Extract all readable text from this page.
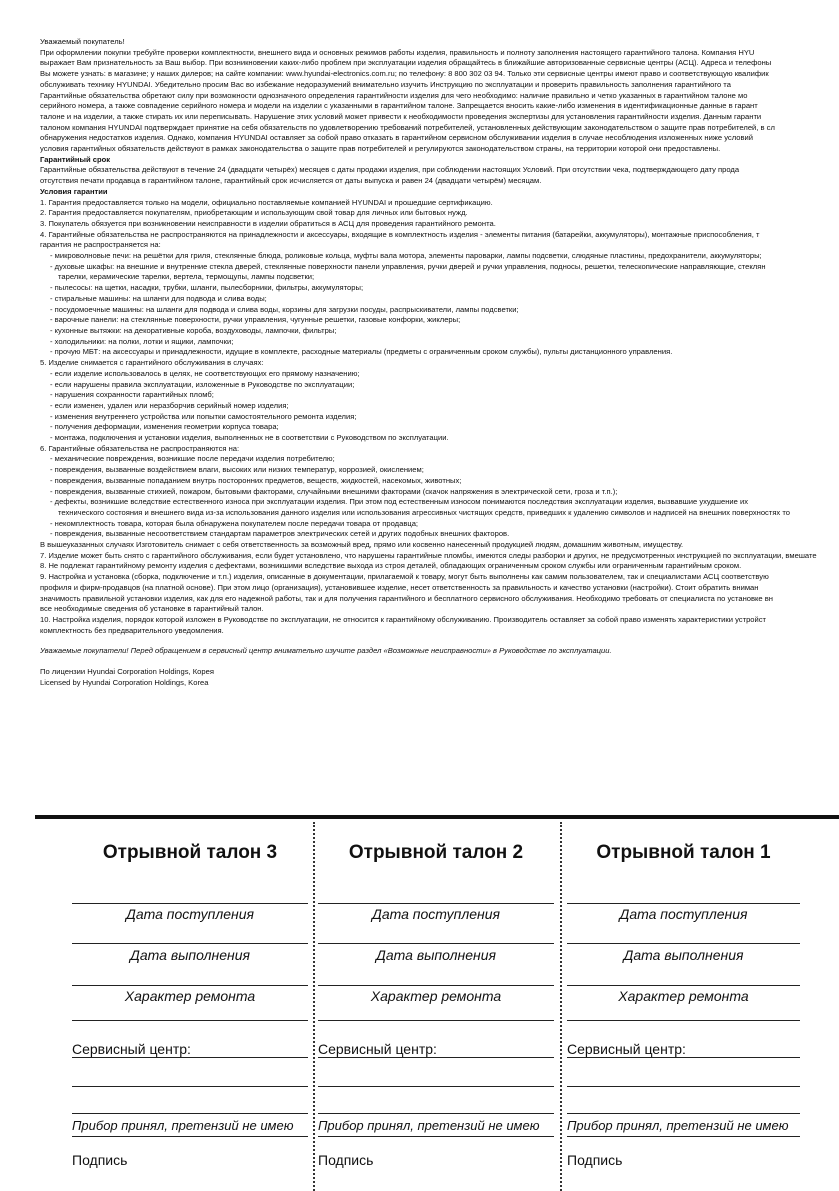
Уважаемый покупатель!

При оформлении покупки требуйте проверки комплектности, внешнего вида и основных режимов работы изделия, правильность и полноту заполнения настоящего гарантийного талона. Компания HYU

выражает Вам признательность за Ваш выбор. При возникновении каких-либо проблем при эксплуатации изделия обращайтесь в ближайшие авторизованные сервисные центры (АСЦ). Адреса и телефоны

Вы можете узнать: в магазине; у наших дилеров; на сайте компании: www.hyundai-electronics.com.ru; по телефону: 8 800 302 03 94. Только эти сервисные центры имеют право и соответствующую квалифик

обслуживать технику HYUNDAI. Убедительно просим Вас во избежание недоразумений внимательно изучить Инструкцию по эксплуатации и проверить правильность заполнения гарантийного та

Гарантийные обязательства обретают силу при возможности однозначного определения гарантийности изделия для чего необходимо: наличие правильно и четко указанных в гарантийном талоне мо

серийного номера, а также совпадение серийного номера и модели на изделии с указанными в гарантийном талоне. Запрещается вносить какие-либо изменения в идентификационные данные в гарант

талоне и на изделии, а также стирать их или переписывать. Нарушение этих условий может привести к необходимости проведения экспертизы для установления гарантийности изделия. Данным гаранти

талоном компания HYUNDAI подтверждает принятие на себя обязательств по удовлетворению требований потребителей, установленных действующим законодательством о защите прав потребителей, в сл

обнаружения недостатков изделия. Однако, компания HYUNDAI оставляет за собой право отказать в гарантийном сервисном обслуживании изделия в случае несоблюдения изложенных ниже условий

условия гарантийных обязательств действуют в рамках законодательства о защите прав потребителей и регулируются законодательством страны, на территории которой они предоставлены.

Гарантийный срок

Гарантийные обязательства действуют в течение 24 (двадцати четырёх) месяцев с даты продажи изделия, при соблюдении настоящих Условий. При отсутствии чека, подтверждающего дату прода

отсутствия печати продавца в гарантийном талоне, гарантийный срок исчисляется от даты выпуска и равен 24 (двадцати четырём) месяцам.

Условия гарантии

1. Гарантия предоставляется только на модели, официально поставляемые компанией HYUNDAI и прошедшие сертификацию.

2. Гарантия предоставляется покупателям, приобретающим и использующим свой товар для личных или бытовых нужд.

3. Покупатель обязуется при возникновении неисправности в изделии обратиться в АСЦ для проведения гарантийного ремонта.

4. Гарантийные обязательства не распространяются на принадлежности и аксессуары, входящие в комплектность изделия - элементы питания (батарейки, аккумуляторы), монтажные приспособления, т

гарантия не распространяется на:

- микроволновые печи: на решётки для гриля, стеклянные блюда, роликовые кольца, муфты вала мотора, элементы пароварки, лампы подсветки, слюдяные пластины, предохранители, аккумуляторы;

- духовые шкафы: на внешние и внутренние стекла дверей, стеклянные поверхности панели управления, ручки дверей и ручки управления, подносы, решетки, телескопические направляющие, стеклян

тарелки, керамические тарелки, вертела, термощупы, лампы подсветки;

- пылесосы: на щетки, насадки, трубки, шланги, пылесборники, фильтры, аккумуляторы;

- стиральные машины: на шланги для подвода и слива воды;

- посудомоечные машины: на шланги для подвода и слива воды, корзины для загрузки посуды, распрыскиватели, лампы подсветки;

- варочные панели: на стеклянные поверхности, ручки управления, чугунные решетки, газовые конфорки, жиклеры;

- кухонные вытяжки: на декоративные короба, воздуховоды, лампочки, фильтры;

- холодильники: на полки, лотки и ящики, лампочки;

- прочую МБТ: на аксессуары и принадлежности, идущие в комплекте, расходные материалы (предметы с ограниченным сроком службы), пульты дистанционного управления.

5. Изделие снимается с гарантийного обслуживания в случаях:

- если изделие использовалось в целях, не соответствующих его прямому назначению;

- если нарушены правила эксплуатации, изложенные в Руководстве по эксплуатации;

- нарушения сохранности гарантийных пломб;

- если изменен, удален или неразборчив серийный номер изделия;

- изменения внутреннего устройства или попытки самостоятельного ремонта изделия;

- получения деформации, изменения геометрии корпуса товара;

- монтажа, подключения и установки изделия, выполненных не в соответствии с Руководством по эксплуатации.

6. Гарантийные обязательства не распространяются на:

- механические повреждения, возникшие после передачи изделия потребителю;

- повреждения, вызванные воздействием влаги, высоких или низких температур, коррозией, окислением;

- повреждения, вызванные попаданием внутрь посторонних предметов, веществ, жидкостей, насекомых, животных;

- повреждения, вызванные стихией, пожаром, бытовыми факторами, случайными внешними факторами (скачок напряжения в электрической сети, гроза и т.п.);

- дефекты, возникшие вследствие естественного износа при эксплуатации изделия. При этом под естественным износом понимаются последствия эксплуатации изделия, вызвавшие ухудшение их

технического состояния и внешнего вида из-за использования данного изделия или использования агрессивных чистящих средств, приведших к удалению символов и надписей на внешних поверхностях то

- некомплектность товара, которая была обнаружена покупателем после передачи товара от продавца;

- повреждения, вызванные несоответствием стандартам параметров электрических сетей и других подобных внешних факторов.

В вышеуказанных случаях Изготовитель снимает с себя ответственность за возможный вред, прямо или косвенно нанесенный продукцией людям, домашним животным, имуществу.

7. Изделие может быть снято с гарантийного обслуживания, если будет установлено, что нарушены гарантийные пломбы, имеются следы разборки и других, не предусмотренных инструкцией по эксплуатации, вмешате

8. Не подлежат гарантийному ремонту изделия с дефектами, возникшими вследствие выхода из строя деталей, обладающих ограниченным сроком службы или ограниченным гарантийным сроком.

9. Настройка и установка (сборка, подключение и т.п.) изделия, описанные в документации, прилагаемой к товару, могут быть выполнены как самим пользователем, так и специалистами АСЦ соответствую

профиля и фирм-продавцов (на платной основе). При этом лицо (организация), установившее изделие, несет ответственность за правильность и качество установки (настройки). Стоит обратить вниман

значимость правильной установки изделия, как для его надежной работы, так и для получения гарантийного и бесплатного сервисного обслуживания. Необходимо требовать от специалиста по установке вн

все необходимые сведения об установке в гарантийный талон.

10. Настройка изделия, порядок которой изложен в Руководстве по эксплуатации, не относится к гарантийному обслуживанию. Производитель оставляет за собой право изменять характеристики устройст

комплектность без предварительного уведомления.

Уважаемые покупатели! Перед обращением в сервисный центр внимательно изучите раздел «Возможные неисправности» в Руководстве по эксплуатации.

По лицензии Hyundai Corporation Holdings, Корея

Licensed by Hyundai Corporation Holdings, Korea

Отрывной талон 3
Дата поступления
Дата выполнения
Характер ремонта
Сервисный центр:
Прибор принял, претензий не имею
Подпись
Отрывной талон 2
Дата поступления
Дата выполнения
Характер ремонта
Сервисный центр:
Прибор принял, претензий не имею
Подпись
Отрывной талон 1
Дата поступления
Дата выполнения
Характер ремонта
Сервисный центр:
Прибор принял, претензий не имею
Подпись
